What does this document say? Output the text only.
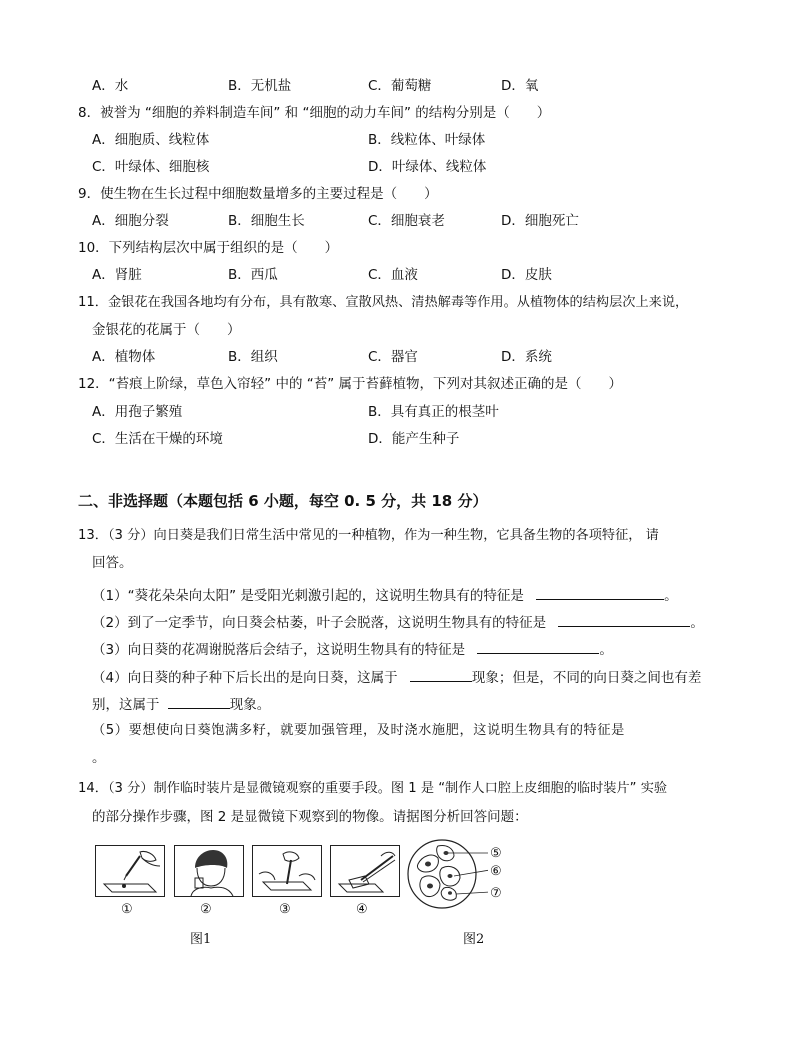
A．水	B．无机盐	C．葡萄糖	D．氧
8．被誉为 “细胞的养料制造车间” 和 “细胞的动力车间” 的结构分别是（　　）
A．细胞质、线粒体	B．线粒体、叶绿体
C．叶绿体、细胞核	D．叶绿体、线粒体
9．使生物在生长过程中细胞数量增多的主要过程是（　　）
A．细胞分裂	B．细胞生长	C．细胞衰老	D．细胞死亡
10．下列结构层次中属于组织的是（　　）
A．肾脏	B．西瓜	C．血液	D．皮肤
11．金银花在我国各地均有分布，具有散寒、宣散风热、清热解毒等作用。从植物体的结构层次上来说，
金银花的花属于（　　）
A．植物体	B．组织	C．器官	D．系统
12．“苔痕上阶绿，草色入帘轻” 中的 “苔” 属于苔藓植物，下列对其叙述正确的是（　　）
A．用孢子繁殖	B．具有真正的根茎叶
C．生活在干燥的环境	D．能产生种子
二、非选择题（本题包括 6 小题，每空 0. 5 分，共 18 分）
13．（3 分）向日葵是我们日常生活中常见的一种植物，作为一种生物，它具备生物的各项特征， 请
回答。
（1）“葵花朵朵向太阳” 是受阳光刺激引起的，这说明生物具有的特征是	。
（2）到了一定季节，向日葵会枯萎，叶子会脱落，这说明生物具有的特征是	。
（3）向日葵的花凋谢脱落后会结子，这说明生物具有的特征是	。
（4）向日葵的种子种下后长出的是向日葵，这属于	现象；但是，不同的向日葵之间也有差
别，这属于	现象。
（5）要想使向日葵饱满多籽，就要加强管理，及时浇水施肥，这说明生物具有的特征是
。
14．（3 分）制作临时装片是显微镜观察的重要手段。图 1 是 “制作人口腔上皮细胞的临时装片” 实验
的部分操作步骤，图 2 是显微镜下观察到的物像。请据图分析回答问题：
①	②	③	④
⑤
⑥
⑦
图1	图2
